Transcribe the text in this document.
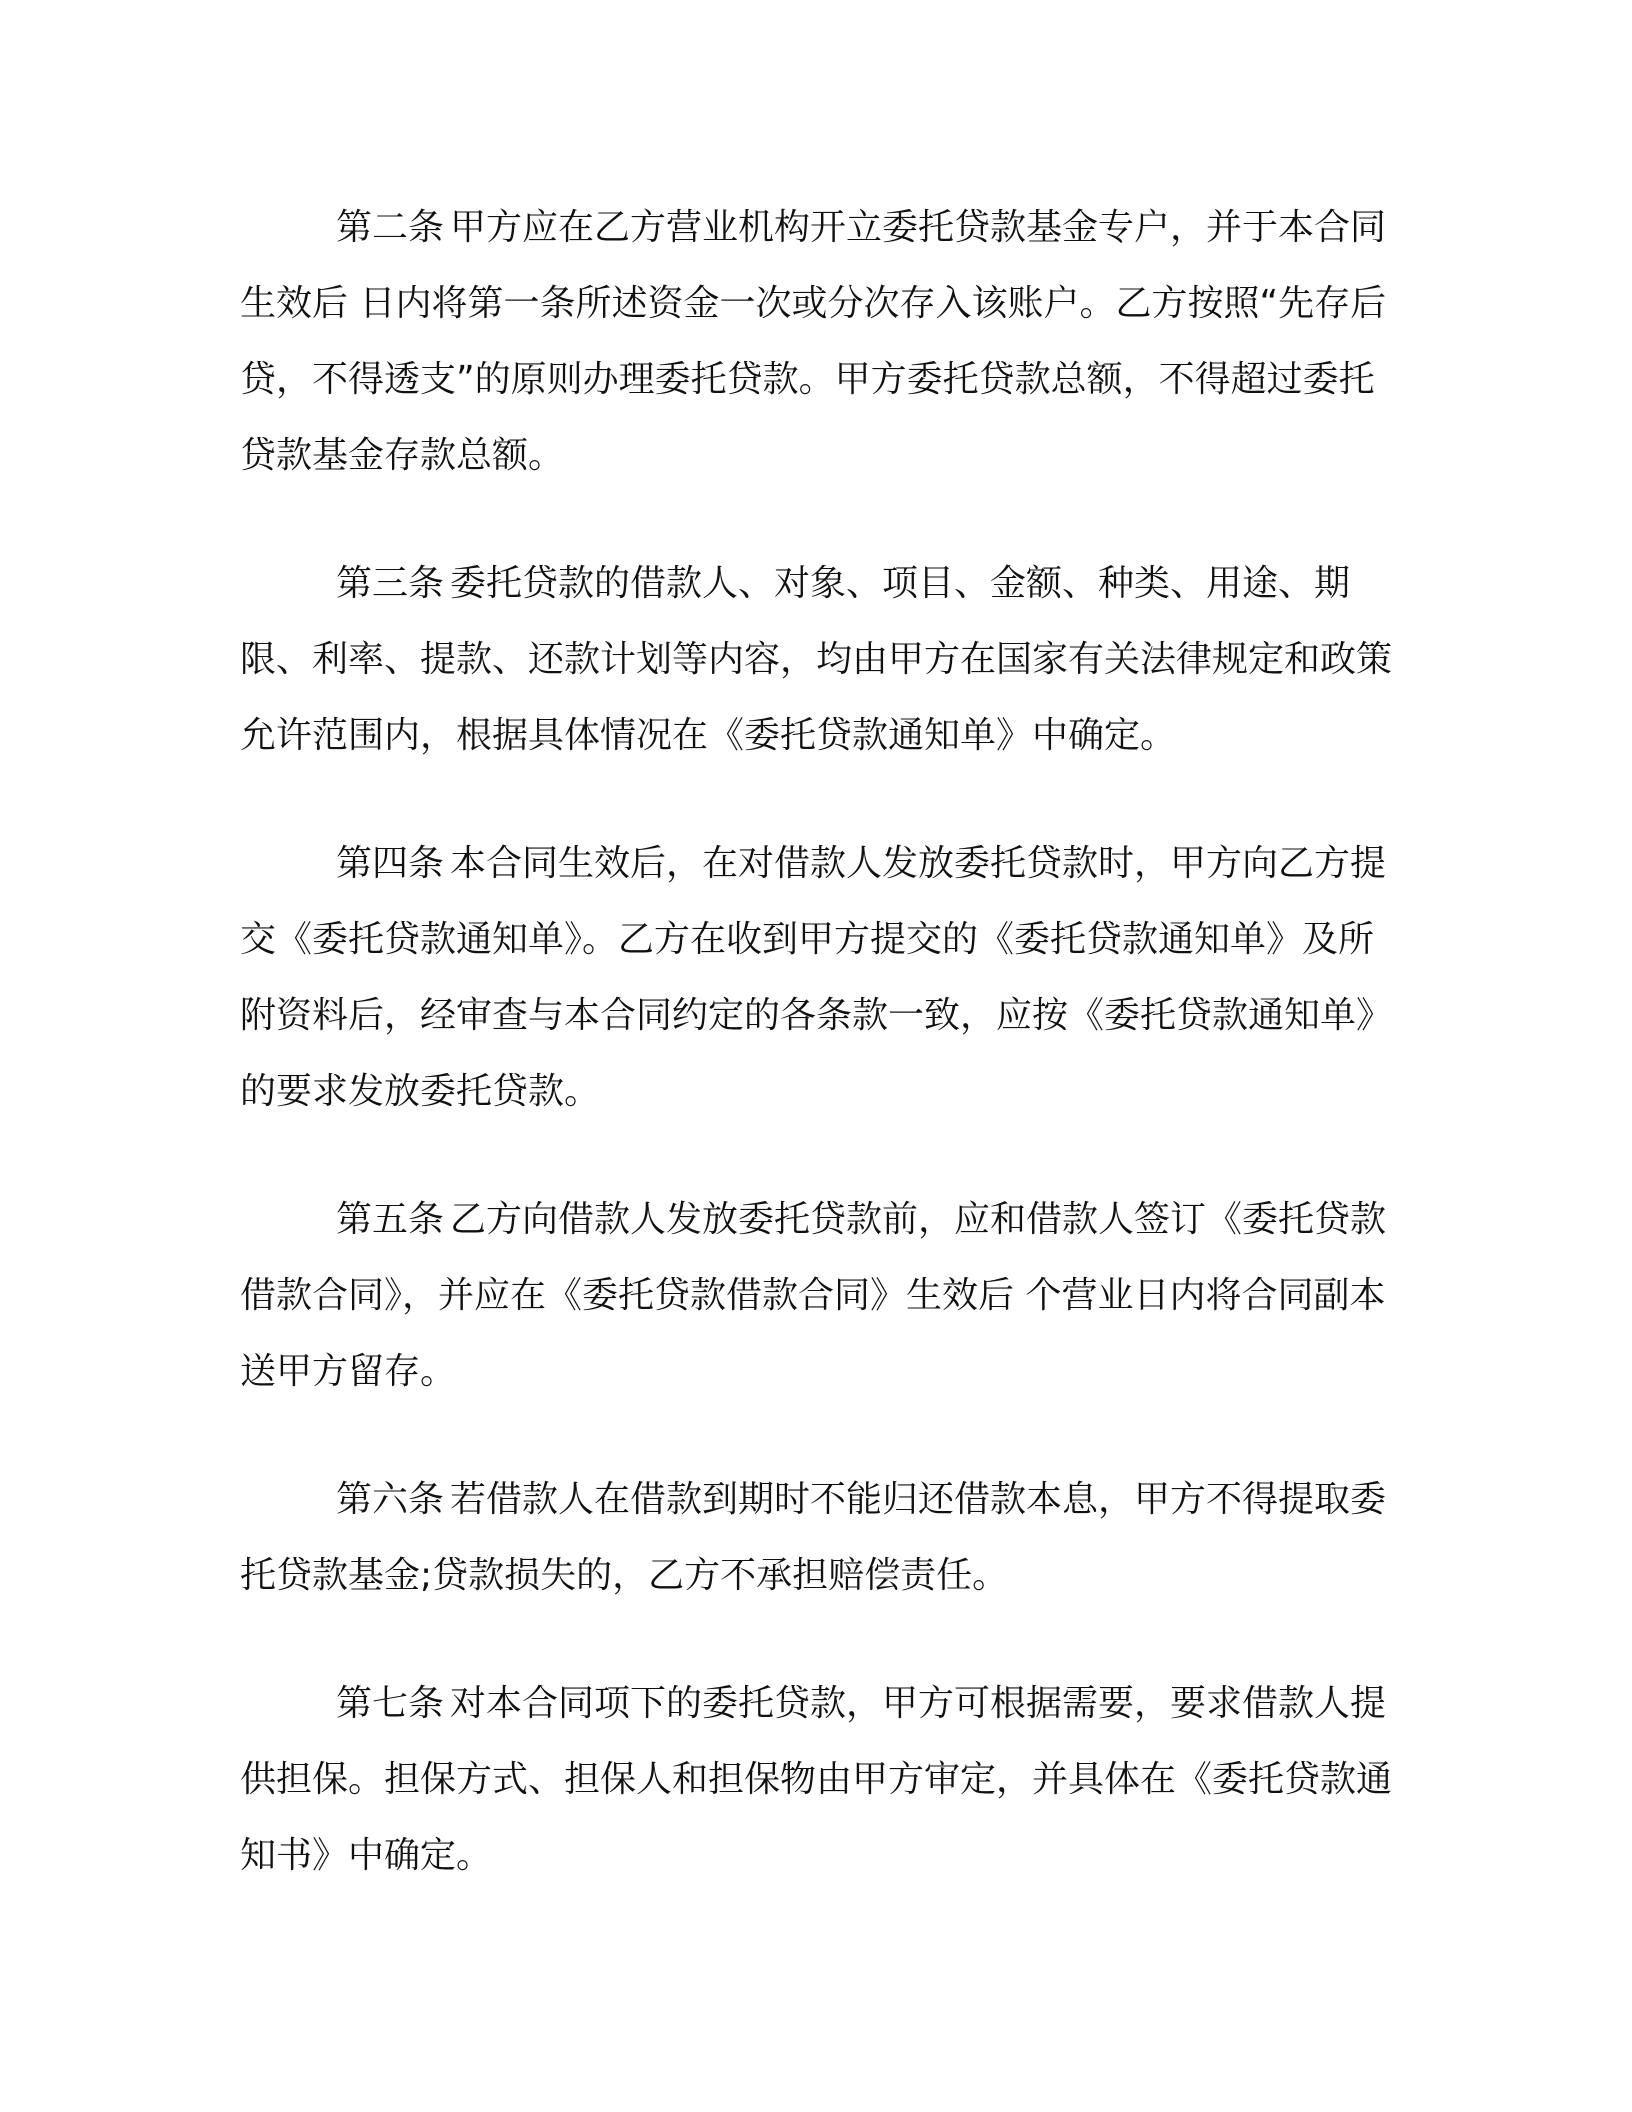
第二条 甲方应在乙方营业机构开立委托贷款基金专户，并于本合同生效后 日内将第一条所述资金一次或分次存入该账户。乙方按照“先存后贷，不得透支”的原则办理委托贷款。甲方委托贷款总额，不得超过委托贷款基金存款总额。

第三条 委托贷款的借款人、对象、项目、金额、种类、用途、期限、利率、提款、还款计划等内容，均由甲方在国家有关法律规定和政策允许范围内，根据具体情况在《委托贷款通知单》中确定。

第四条 本合同生效后，在对借款人发放委托贷款时，甲方向乙方提交《委托贷款通知单》。乙方在收到甲方提交的《委托贷款通知单》及所附资料后，经审查与本合同约定的各条款一致，应按《委托贷款通知单》的要求发放委托贷款。

第五条 乙方向借款人发放委托贷款前，应和借款人签订《委托贷款借款合同》，并应在《委托贷款借款合同》生效后 个营业日内将合同副本送甲方留存。

第六条 若借款人在借款到期时不能归还借款本息，甲方不得提取委托贷款基金;贷款损失的，乙方不承担赔偿责任。

第七条 对本合同项下的委托贷款，甲方可根据需要，要求借款人提供担保。担保方式、担保人和担保物由甲方审定，并具体在《委托贷款通知书》中确定。
